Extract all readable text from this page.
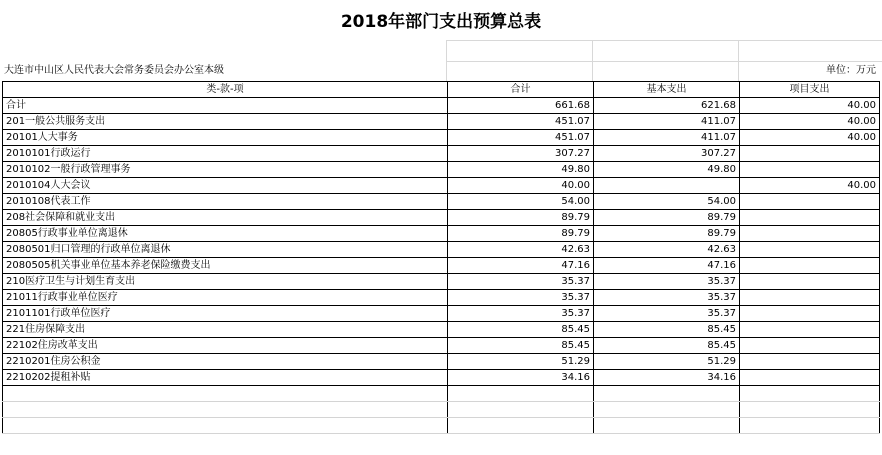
2018年部门支出预算总表
大连市中山区人民代表大会常务委员会办公室本级	单位：万元
类-款-项	合计	基本支出	项目支出
合计	661.68	621.68	40.00
201一般公共服务支出	451.07	411.07	40.00
20101人大事务	451.07	411.07	40.00
2010101行政运行	307.27	307.27	
2010102一般行政管理事务	49.80	49.80	
2010104人大会议	40.00		40.00
2010108代表工作	54.00	54.00	
208社会保障和就业支出	89.79	89.79	
20805行政事业单位离退休	89.79	89.79	
2080501归口管理的行政单位离退休	42.63	42.63	
2080505机关事业单位基本养老保险缴费支出	47.16	47.16	
210医疗卫生与计划生育支出	35.37	35.37	
21011行政事业单位医疗	35.37	35.37	
2101101行政单位医疗	35.37	35.37	
221住房保障支出	85.45	85.45	
22102住房改革支出	85.45	85.45	
2210201住房公积金	51.29	51.29	
2210202提租补贴	34.16	34.16	
